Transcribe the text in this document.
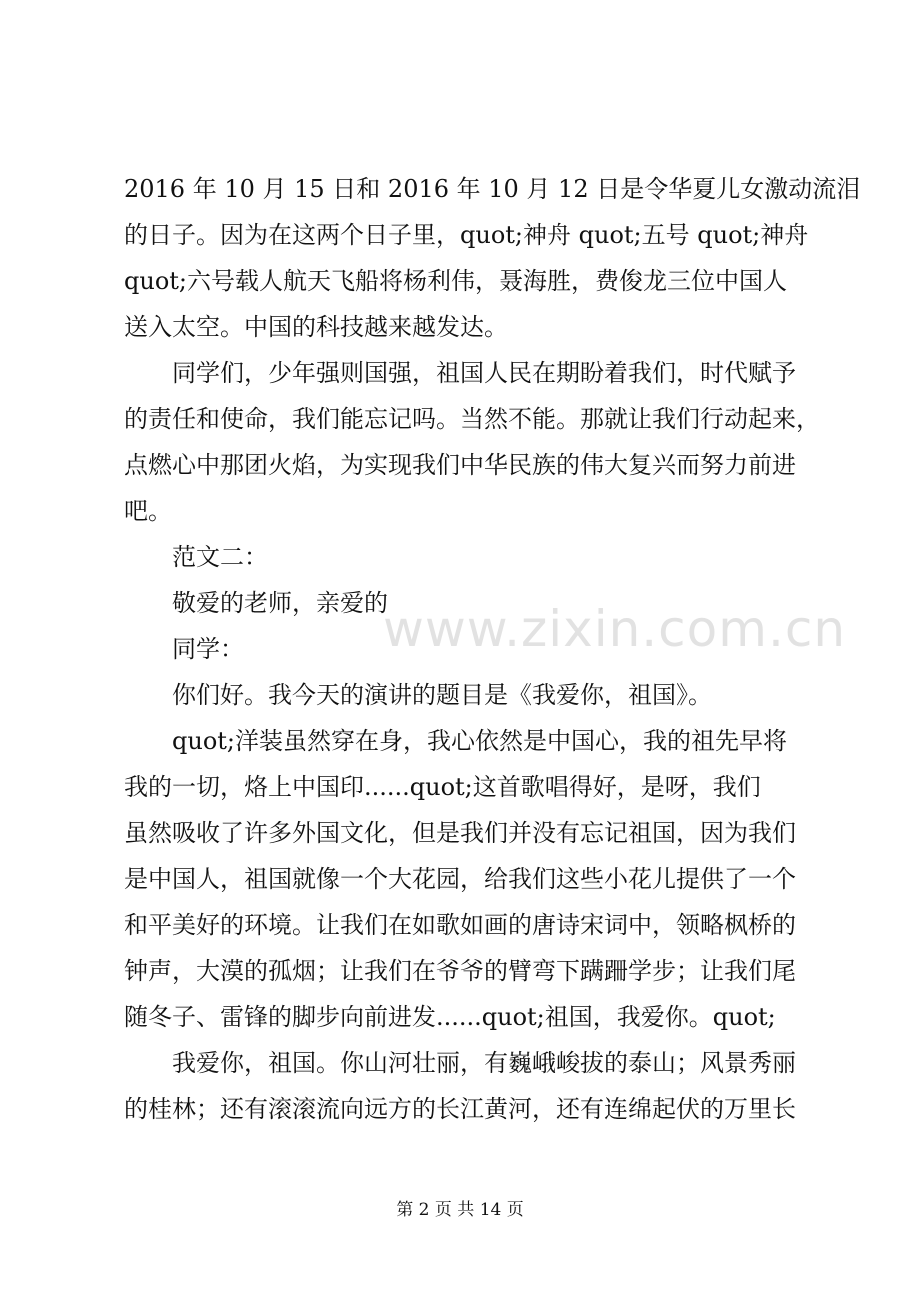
2016 年 10 月 15 日和 2016 年 10 月 12 日是令华夏儿女激动流泪
的日子。因为在这两个日子里，quot;神舟 quot;五号 quot;神舟
quot;六号载人航天飞船将杨利伟，聂海胜，费俊龙三位中国人
送入太空。中国的科技越来越发达。
同学们，少年强则国强，祖国人民在期盼着我们，时代赋予
的责任和使命，我们能忘记吗。当然不能。那就让我们行动起来，
点燃心中那团火焰，为实现我们中华民族的伟大复兴而努力前进
吧。
范文二：
敬爱的老师，亲爱的
同学：
你们好。我今天的演讲的题目是《我爱你，祖国》。
quot;洋装虽然穿在身，我心依然是中国心，我的祖先早将
我的一切，烙上中国印......quot;这首歌唱得好，是呀，我们
虽然吸收了许多外国文化，但是我们并没有忘记祖国，因为我们
是中国人，祖国就像一个大花园，给我们这些小花儿提供了一个
和平美好的环境。让我们在如歌如画的唐诗宋词中，领略枫桥的
钟声，大漠的孤烟；让我们在爷爷的臂弯下蹒跚学步；让我们尾
随冬子、雷锋的脚步向前进发......quot;祖国，我爱你。quot;
我爱你，祖国。你山河壮丽，有巍峨峻拔的泰山；风景秀丽
的桂林；还有滚滚流向远方的长江黄河，还有连绵起伏的万里长
www.zixin.com.cn
第 2 页 共 14 页
